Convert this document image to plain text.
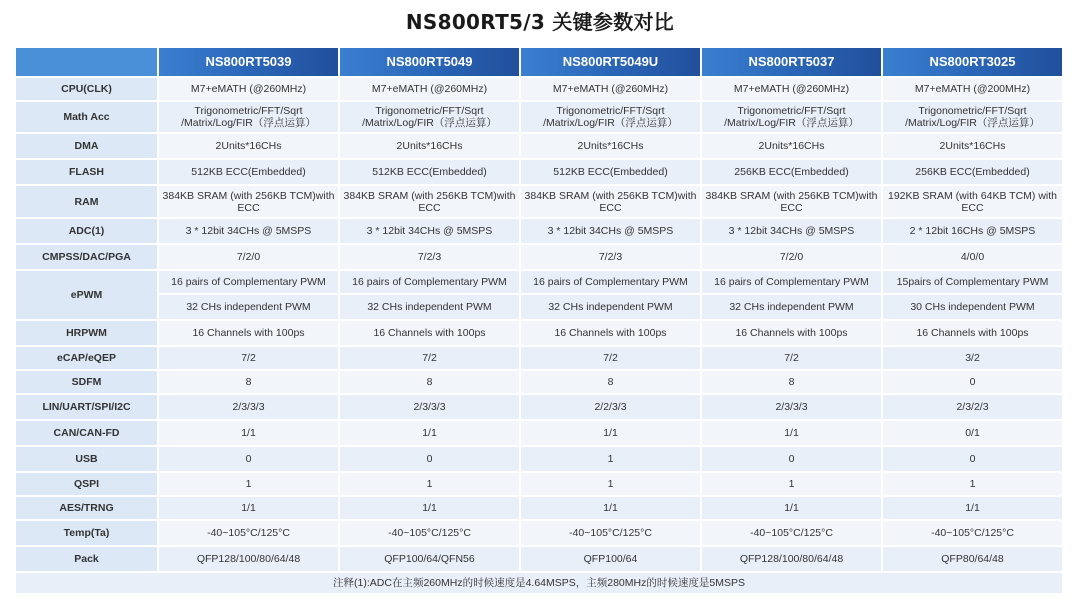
NS800RT5/3 关键参数对比
	NS800RT5039	NS800RT5049	NS800RT5049U	NS800RT5037	NS800RT3025
CPU(CLK)	M7+eMATH (@260MHz)	M7+eMATH (@260MHz)	M7+eMATH (@260MHz)	M7+eMATH (@260MHz)	M7+eMATH (@200MHz)
Math Acc	Trigonometric/FFT/Sqrt /Matrix/Log/FIR（浮点运算）	Trigonometric/FFT/Sqrt /Matrix/Log/FIR（浮点运算）	Trigonometric/FFT/Sqrt /Matrix/Log/FIR（浮点运算）	Trigonometric/FFT/Sqrt /Matrix/Log/FIR（浮点运算）	Trigonometric/FFT/Sqrt /Matrix/Log/FIR（浮点运算）
DMA	2Units*16CHs	2Units*16CHs	2Units*16CHs	2Units*16CHs	2Units*16CHs
FLASH	512KB ECC(Embedded)	512KB ECC(Embedded)	512KB ECC(Embedded)	256KB ECC(Embedded)	256KB ECC(Embedded)
RAM	384KB SRAM (with 256KB TCM)with ECC	384KB SRAM (with 256KB TCM)with ECC	384KB SRAM (with 256KB TCM)with ECC	384KB SRAM (with 256KB TCM)with ECC	192KB SRAM (with 64KB TCM) with ECC
ADC(1)	3 * 12bit 34CHs @ 5MSPS	3 * 12bit 34CHs @ 5MSPS	3 * 12bit 34CHs @ 5MSPS	3 * 12bit 34CHs @ 5MSPS	2 * 12bit 16CHs @ 5MSPS
CMPSS/DAC/PGA	7/2/0	7/2/3	7/2/3	7/2/0	4/0/0
ePWM	16 pairs of Complementary PWM	16 pairs of Complementary PWM	16 pairs of Complementary PWM	16 pairs of Complementary PWM	15pairs of Complementary PWM
	32 CHs independent PWM	32 CHs independent PWM	32 CHs independent PWM	32 CHs independent PWM	30 CHs independent PWM
HRPWM	16 Channels with 100ps	16 Channels with 100ps	16 Channels with 100ps	16 Channels with 100ps	16 Channels with 100ps
eCAP/eQEP	7/2	7/2	7/2	7/2	3/2
SDFM	8	8	8	8	0
LIN/UART/SPI/I2C	2/3/3/3	2/3/3/3	2/2/3/3	2/3/3/3	2/3/2/3
CAN/CAN-FD	1/1	1/1	1/1	1/1	0/1
USB	0	0	1	0	0
QSPI	1	1	1	1	1
AES/TRNG	1/1	1/1	1/1	1/1	1/1
Temp(Ta)	-40~105°C/125°C	-40~105°C/125°C	-40~105°C/125°C	-40~105°C/125°C	-40~105°C/125°C
Pack	QFP128/100/80/64/48	QFP100/64/QFN56	QFP100/64	QFP128/100/80/64/48	QFP80/64/48
注释(1):ADC在主频260MHz的时候速度是4.64MSPS，主频280MHz的时候速度是5MSPS					
